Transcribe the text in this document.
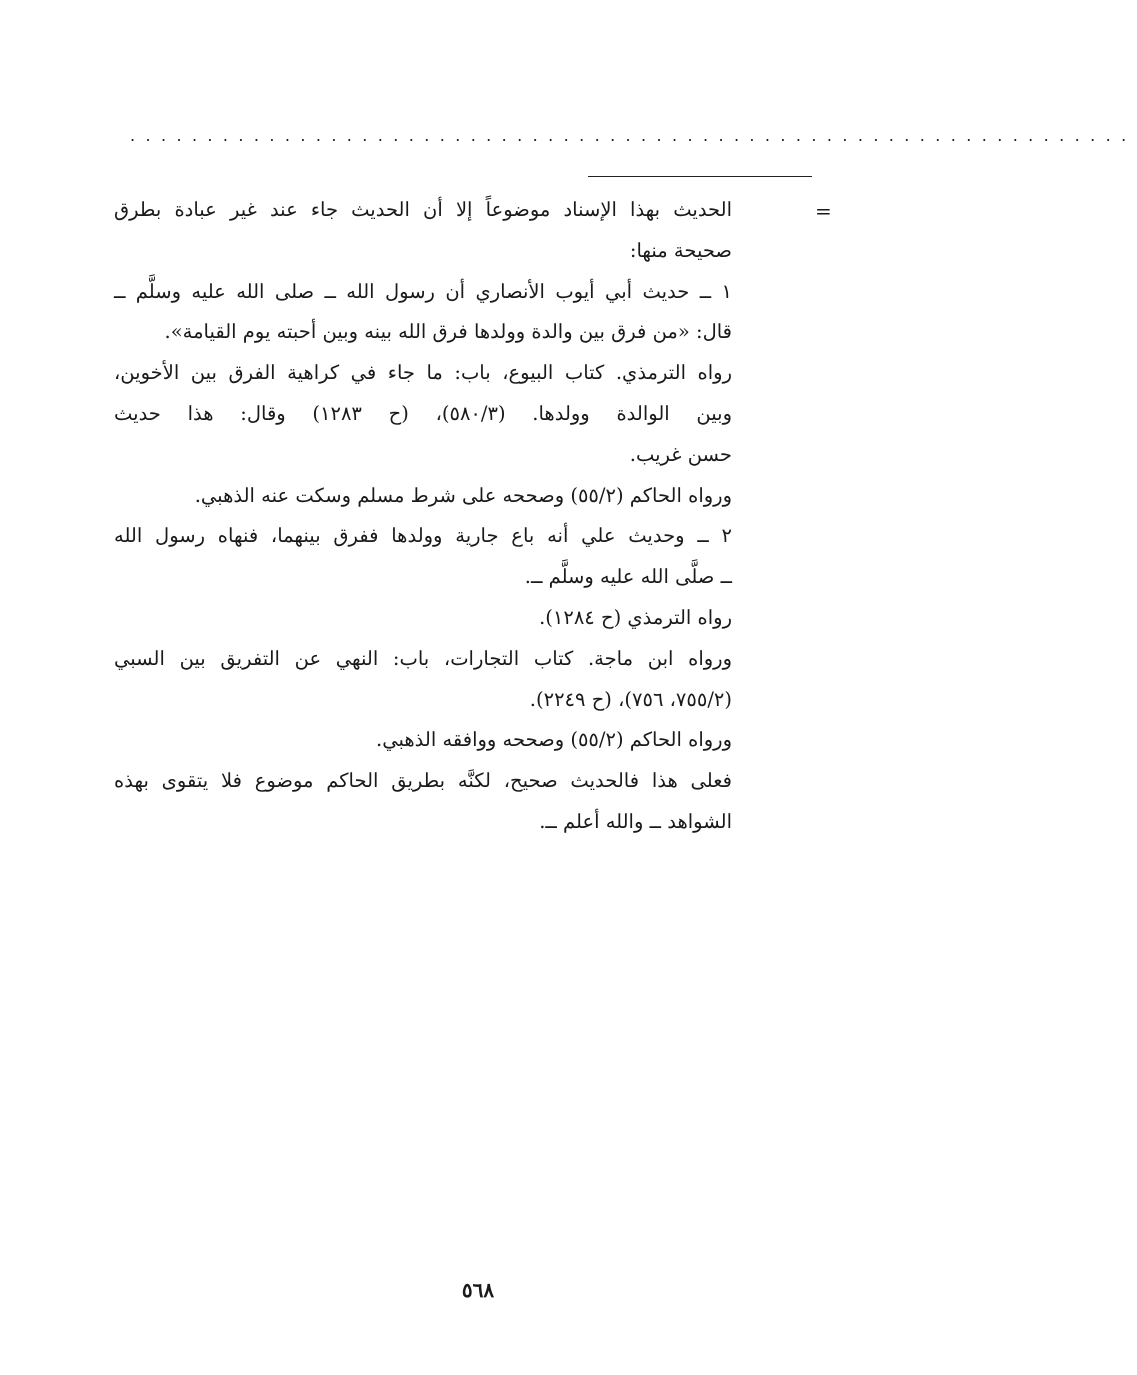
.................................................................
=
الحديث بهذا الإسناد موضوعاً إلا أن الحديث جاء عند غير عبادة بطرق
صحيحة منها:
١ ــ حديث أبي أيوب الأنصاري أن رسول الله ــ صلى الله عليه وسلَّم ــ
قال: «من فرق بين والدة وولدها فرق الله بينه وبين أحبته يوم القيامة».
رواه الترمذي. كتاب البيوع، باب: ما جاء في كراهية الفرق بين الأخوين،
وبين الوالدة وولدها. (٥٨٠/٣)، (ح ١٢٨٣) وقال: هذا حديث
حسن غريب.
ورواه الحاكم (٥٥/٢) وصححه على شرط مسلم وسكت عنه الذهبي.
٢ ــ وحديث علي أنه باع جارية وولدها ففرق بينهما، فنهاه رسول الله
ــ صلَّى الله عليه وسلَّم ــ.
رواه الترمذي (ح ١٢٨٤).
ورواه ابن ماجة. كتاب التجارات، باب: النهي عن التفريق بين السبي
(٧٥٥/٢، ٧٥٦)، (ح ٢٢٤٩).
ورواه الحاكم (٥٥/٢) وصححه ووافقه الذهبي.
فعلى هذا فالحديث صحيح، لكنَّه بطريق الحاكم موضوع فلا يتقوى بهذه
الشواهد ــ والله أعلم ــ.
٥٦٨
